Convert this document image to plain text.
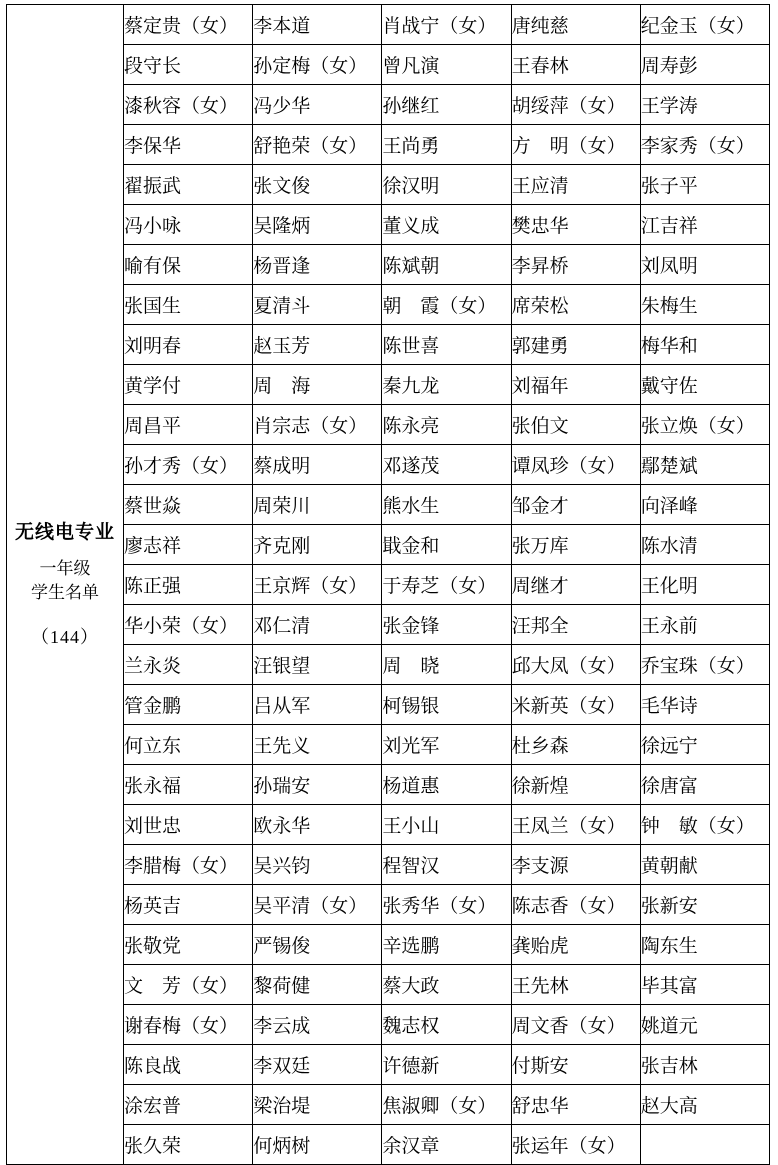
无线电专业
一年级
学生名单
（144）	蔡定贵（女）	李本道	肖战宁（女）	唐纯慈	纪金玉（女）
	段守长	孙定梅（女）	曾凡演	王春林	周寿彭
	漆秋容（女）	冯少华	孙继红	胡绥萍（女）	王学涛
	李保华	舒艳荣（女）	王尚勇	方　明（女）	李家秀（女）
	翟振武	张文俊	徐汉明	王应清	张子平
	冯小咏	吴隆炳	董义成	樊忠华	江吉祥
	喻有保	杨晋逢	陈斌朝	李昇桥	刘凤明
	张国生	夏清斗	朝　霞（女）	席荣松	朱梅生
	刘明春	赵玉芳	陈世喜	郭建勇	梅华和
	黄学付	周　海	秦九龙	刘福年	戴守佐
	周昌平	肖宗志（女）	陈永亮	张伯文	张立焕（女）
	孙才秀（女）	蔡成明	邓遂茂	谭凤珍（女）	鄢楚斌
	蔡世焱	周荣川	熊水生	邹金才	向泽峰
	廖志祥	齐克刚	戢金和	张万库	陈水清
	陈正强	王京辉（女）	于寿芝（女）	周继才	王化明
	华小荣（女）	邓仁清	张金锋	汪邦全	王永前
	兰永炎	汪银望	周　晓	邱大凤（女）	乔宝珠（女）
	管金鹏	吕从军	柯锡银	米新英（女）	毛华诗
	何立东	王先义	刘光军	杜乡森	徐远宁
	张永福	孙瑞安	杨道惠	徐新煌	徐唐富
	刘世忠	欧永华	王小山	王凤兰（女）	钟　敏（女）
	李腊梅（女）	吴兴钧	程智汉	李支源	黄朝献
	杨英吉	吴平清（女）	张秀华（女）	陈志香（女）	张新安
	张敬党	严锡俊	辛选鹏	龚贻虎	陶东生
	文　芳（女）	黎荷健	蔡大政	王先林	毕其富
	谢春梅（女）	李云成	魏志权	周文香（女）	姚道元
	陈良战	李双廷	许德新	付斯安	张吉林
	涂宏普	梁治堤	焦淑卿（女）	舒忠华	赵大高
	张久荣	何炳树	余汉章	张运年（女）	
